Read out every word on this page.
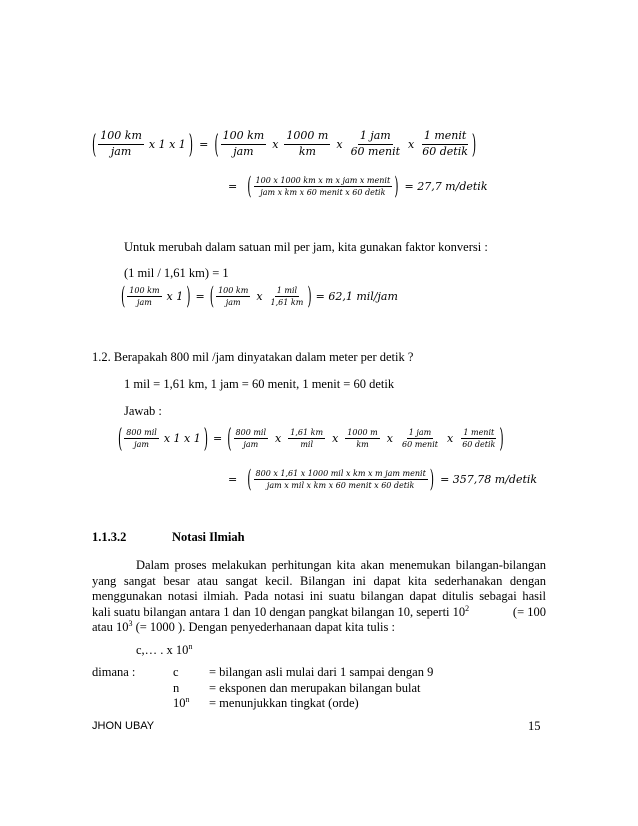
( $\frac{100 km}{\text{jam}}$ x 1 x 1 ) = ( $\frac{100 km}{\text{jam}}$ x $\frac{1000 m}{km}$ x $\frac{\text{1 jam}}{\text{60 menit}}$ x $\frac{\text{1 menit}}{\text{60 detik}}$ )
= ( $\frac{\text{100 x 1000 km x m x jam x menit}}{\text{jam x km x 60 menit x 60 detik}}$ ) = 27,7 m/detik
Untuk merubah dalam satuan mil per jam, kita gunakan faktor konversi :
(1 mil / 1,61 km) = 1
( $\frac{100 km}{\text{jam}}$ x 1 ) = ( $\frac{100 km}{\text{jam}}$ x $\frac{\text{1 mil}}{1,61 km}$ ) = 62,1 mil/jam
1.2. Berapakah 800 mil /jam dinyatakan dalam meter per detik ?
1 mil = 1,61 km, 1 jam = 60 menit, 1 menit = 60 detik
Jawab :
( $\frac{\text{800 mil}}{\text{jam}}$ x 1 x 1 ) = ( $\frac{\text{800 mil}}{\text{jam}}$ x $\frac{1,61 km}{\text{mil}}$ x $\frac{1000 m}{km}$ x $\frac{\text{1 jam}}{\text{60 menit}}$ x $\frac{\text{1 menit}}{\text{60 detik}}$ )
= ( $\frac{\text{800 x 1,61 x 1000 mil x km x m jam menit}}{\text{jam x mil x km x 60 menit x 60 detik}}$ ) = 357,78 m/detik
1.1.3.2	Notasi Ilmiah
Dalam proses melakukan perhitungan kita akan menemukan bilangan-bilangan
yang sangat besar atau sangat kecil. Bilangan ini dapat kita sederhanakan dengan
menggunakan notasi ilmiah. Pada notasi ini suatu bilangan dapat ditulis sebagai hasil
kali suatu bilangan antara 1 dan 10 dengan pangkat bilangan 10, seperti $10^2$	(= 100
atau $10^3$ (= 1000 ). Dengan penyederhanaan dapat kita tulis :
c,… . x 10$^n$
dimana :	c	= bilangan asli mulai dari 1 sampai dengan 9
n	= eksponen dan merupakan bilangan bulat
$10^n$	= menunjukkan tingkat (orde)
JHON UBAY	15
